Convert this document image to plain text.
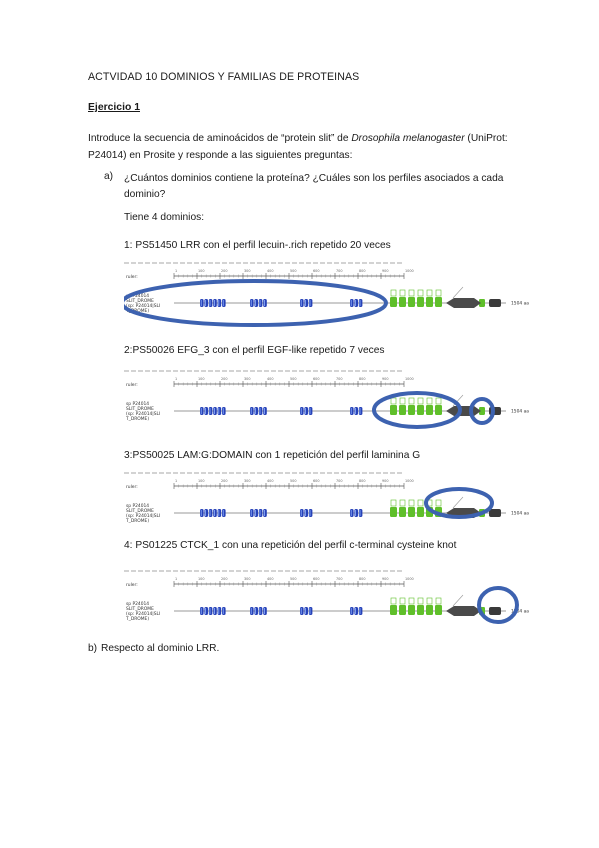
ACTVIDAD 10 DOMINIOS Y FAMILIAS DE PROTEINAS
Ejercicio 1
Introduce la secuencia de aminoácidos de “protein slit” de Drosophila melanogaster (UniProt: P24014) en Prosite y responde a las siguientes preguntas:
a) ¿Cuántos dominios contiene la proteína? ¿Cuáles son los perfiles asociados a cada dominio?
Tiene 4 dominios:
1: PS51450 LRR con el perfil lecuin-.rich repetido 20 veces
ruler:
1	100	200	300	400	500	600	700	800	900	1000
sp P24014
SLIT_DROME
(sp: P24014|SLI
T_DROME)
1504 aa
2:PS50026 EFG_3 con el perfil EGF-like repetido 7 veces
ruler:
1	100	200	300	400	500	600	700	800	900	1000
sp P24014
SLIT_DROME
(sp: P24014|SLI
T_DROME)
1504 aa
3:PS50025 LAM:G:DOMAIN con 1 repetición del perfil laminina G
ruler:
1	100	200	300	400	500	600	700	800	900	1000
sp P24014
SLIT_DROME
(sp: P24014|SLI
T_DROME)
1504 aa
4: PS01225 CTCK_1 con una repetición del perfil c-terminal cysteine knot
ruler:
1	100	200	300	400	500	600	700	800	900	1000
sp P24014
SLIT_DROME
(sp: P24014|SLI
T_DROME)
1504 aa
b) Respecto al dominio LRR.
